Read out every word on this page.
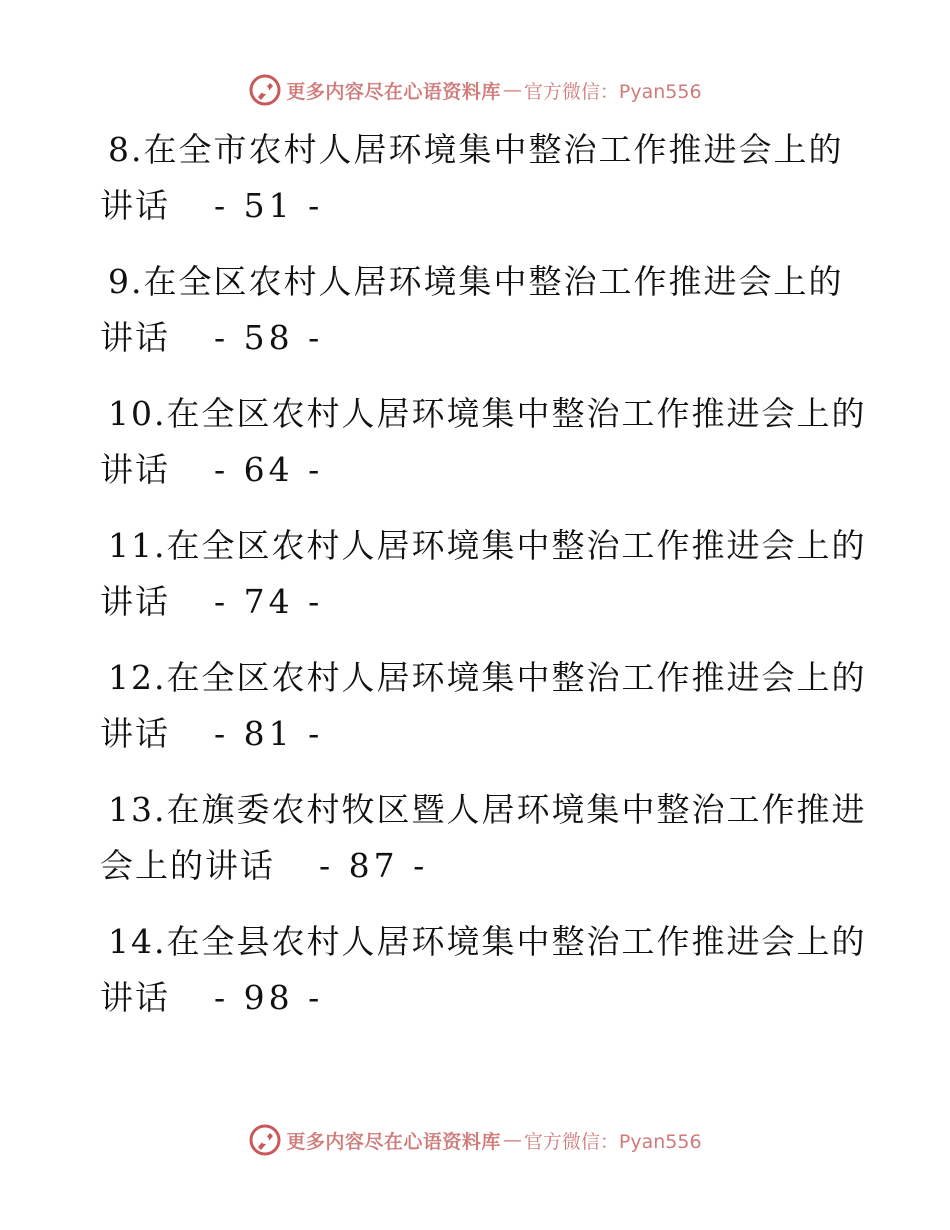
更多内容尽在心语资料库 — 官方微信：Pyan556
8.在全市农村人居环境集中整治工作推进会上的
讲话 - 51 -
9.在全区农村人居环境集中整治工作推进会上的
讲话 - 58 -
10.在全区农村人居环境集中整治工作推进会上的
讲话 - 64 -
11.在全区农村人居环境集中整治工作推进会上的
讲话 - 74 -
12.在全区农村人居环境集中整治工作推进会上的
讲话 - 81 -
13.在旗委农村牧区暨人居环境集中整治工作推进
会上的讲话 - 87 -
14.在全县农村人居环境集中整治工作推进会上的
讲话 - 98 -
更多内容尽在心语资料库 — 官方微信：Pyan556
